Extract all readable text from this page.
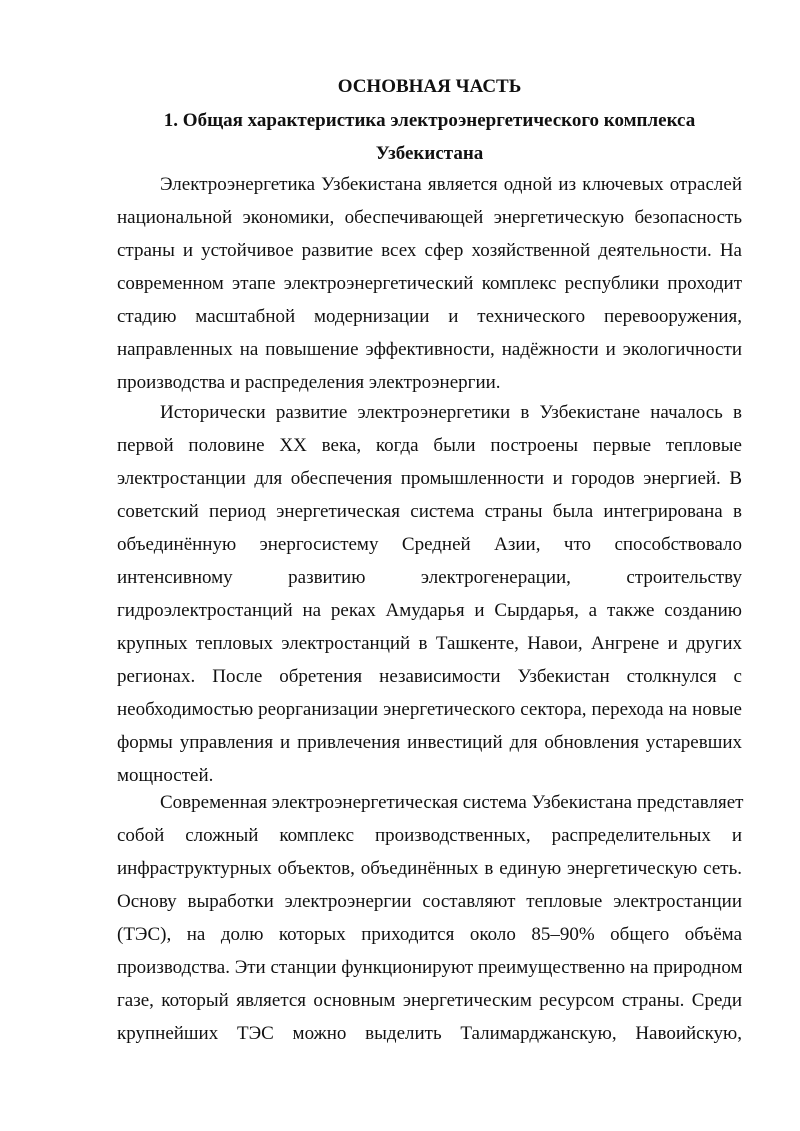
ОСНОВНАЯ ЧАСТЬ
1. Общая характеристика электроэнергетического комплекса
Узбекистана
Электроэнергетика Узбекистана является одной из ключевых отраслей
национальной экономики, обеспечивающей энергетическую безопасность
страны и устойчивое развитие всех сфер хозяйственной деятельности. На
современном этапе электроэнергетический комплекс республики проходит
стадию масштабной модернизации и технического перевооружения,
направленных на повышение эффективности, надёжности и экологичности
производства и распределения электроэнергии.
Исторически развитие электроэнергетики в Узбекистане началось в
первой половине XX века, когда были построены первые тепловые
электростанции для обеспечения промышленности и городов энергией. В
советский период энергетическая система страны была интегрирована в
объединённую энергосистему Средней Азии, что способствовало
интенсивному развитию электрогенерации, строительству
гидроэлектростанций на реках Амударья и Сырдарья, а также созданию
крупных тепловых электростанций в Ташкенте, Навои, Ангрене и других
регионах. После обретения независимости Узбекистан столкнулся с
необходимостью реорганизации энергетического сектора, перехода на новые
формы управления и привлечения инвестиций для обновления устаревших
мощностей.
Современная электроэнергетическая система Узбекистана представляет
собой сложный комплекс производственных, распределительных и
инфраструктурных объектов, объединённых в единую энергетическую сеть.
Основу выработки электроэнергии составляют тепловые электростанции
(ТЭС), на долю которых приходится около 85–90% общего объёма
производства. Эти станции функционируют преимущественно на природном
газе, который является основным энергетическим ресурсом страны. Среди
крупнейших ТЭС можно выделить Талимарджанскую, Навоийскую,
